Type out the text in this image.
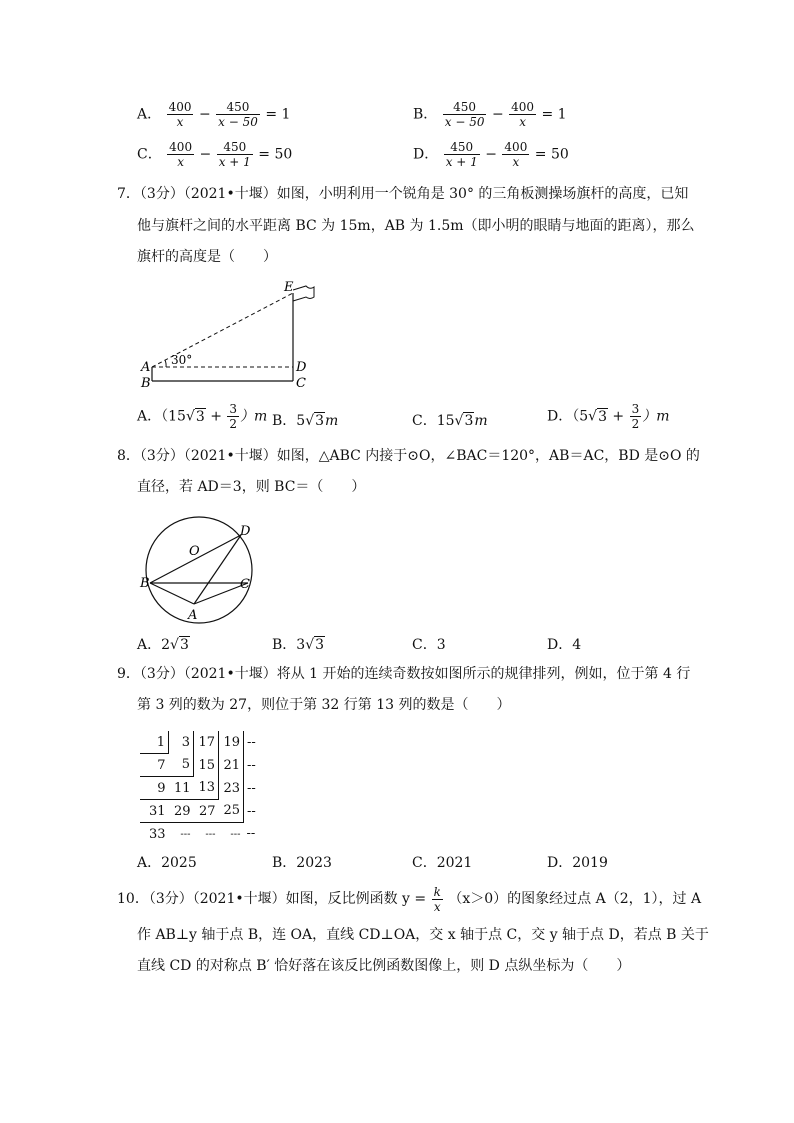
A． $\frac{400}{x} - \frac{450}{x - 50} = 1$	B． $\frac{450}{x - 50} - \frac{400}{x} = 1$
C． $\frac{400}{x} - \frac{450}{x + 1} = 50$	D． $\frac{450}{x + 1} - \frac{400}{x} = 50$
7．（3分）（2021•十堰）如图，小明利用一个锐角是 30° 的三角板测操场旗杆的高度，已知
他与旗杆之间的水平距离 BC 为 15m，AB 为 1.5m（即小明的眼睛与地面的距离），那么
旗杆的高度是（　　）
E
A
B
D
C
30°
A．$(15√3 + \frac{3}{2} )m$ B．5√3m	C．15√3m	D．$(5√3 + \frac{3}{2} )m$
8．（3分）（2021•十堰）如图，△ABC 内接于⊙O，∠BAC＝120°，AB＝AC，BD 是⊙O 的
直径，若 AD＝3，则 BC＝（　　）
O
D
B	C
A
A．2√3	B．3√3	C．3	D．4
9．（3分）（2021•十堰）将从 1 开始的连续奇数按如图所示的规律排列，例如，位于第 4 行
第 3 列的数为 27，则位于第 32 行第 13 列的数是（　　）
1	3	17	19	--
7	5	15	21	--
9	11	13	23	--
31	29	27	25	--
33	---	---	---	--
A．2025	B．2023	C．2021	D．2019
10．（3分）（2021•十堰）如图，反比例函数 $y = \frac{k}{x} (x>0)$的图象经过点 A（2，1），过 A
作 AB⊥y 轴于点 B，连 OA，直线 CD⊥OA，交 x 轴于点 C，交 y 轴于点 D，若点 B 关于
直线 CD 的对称点 B′ 恰好落在该反比例函数图像上，则 D 点纵坐标为（　　）
